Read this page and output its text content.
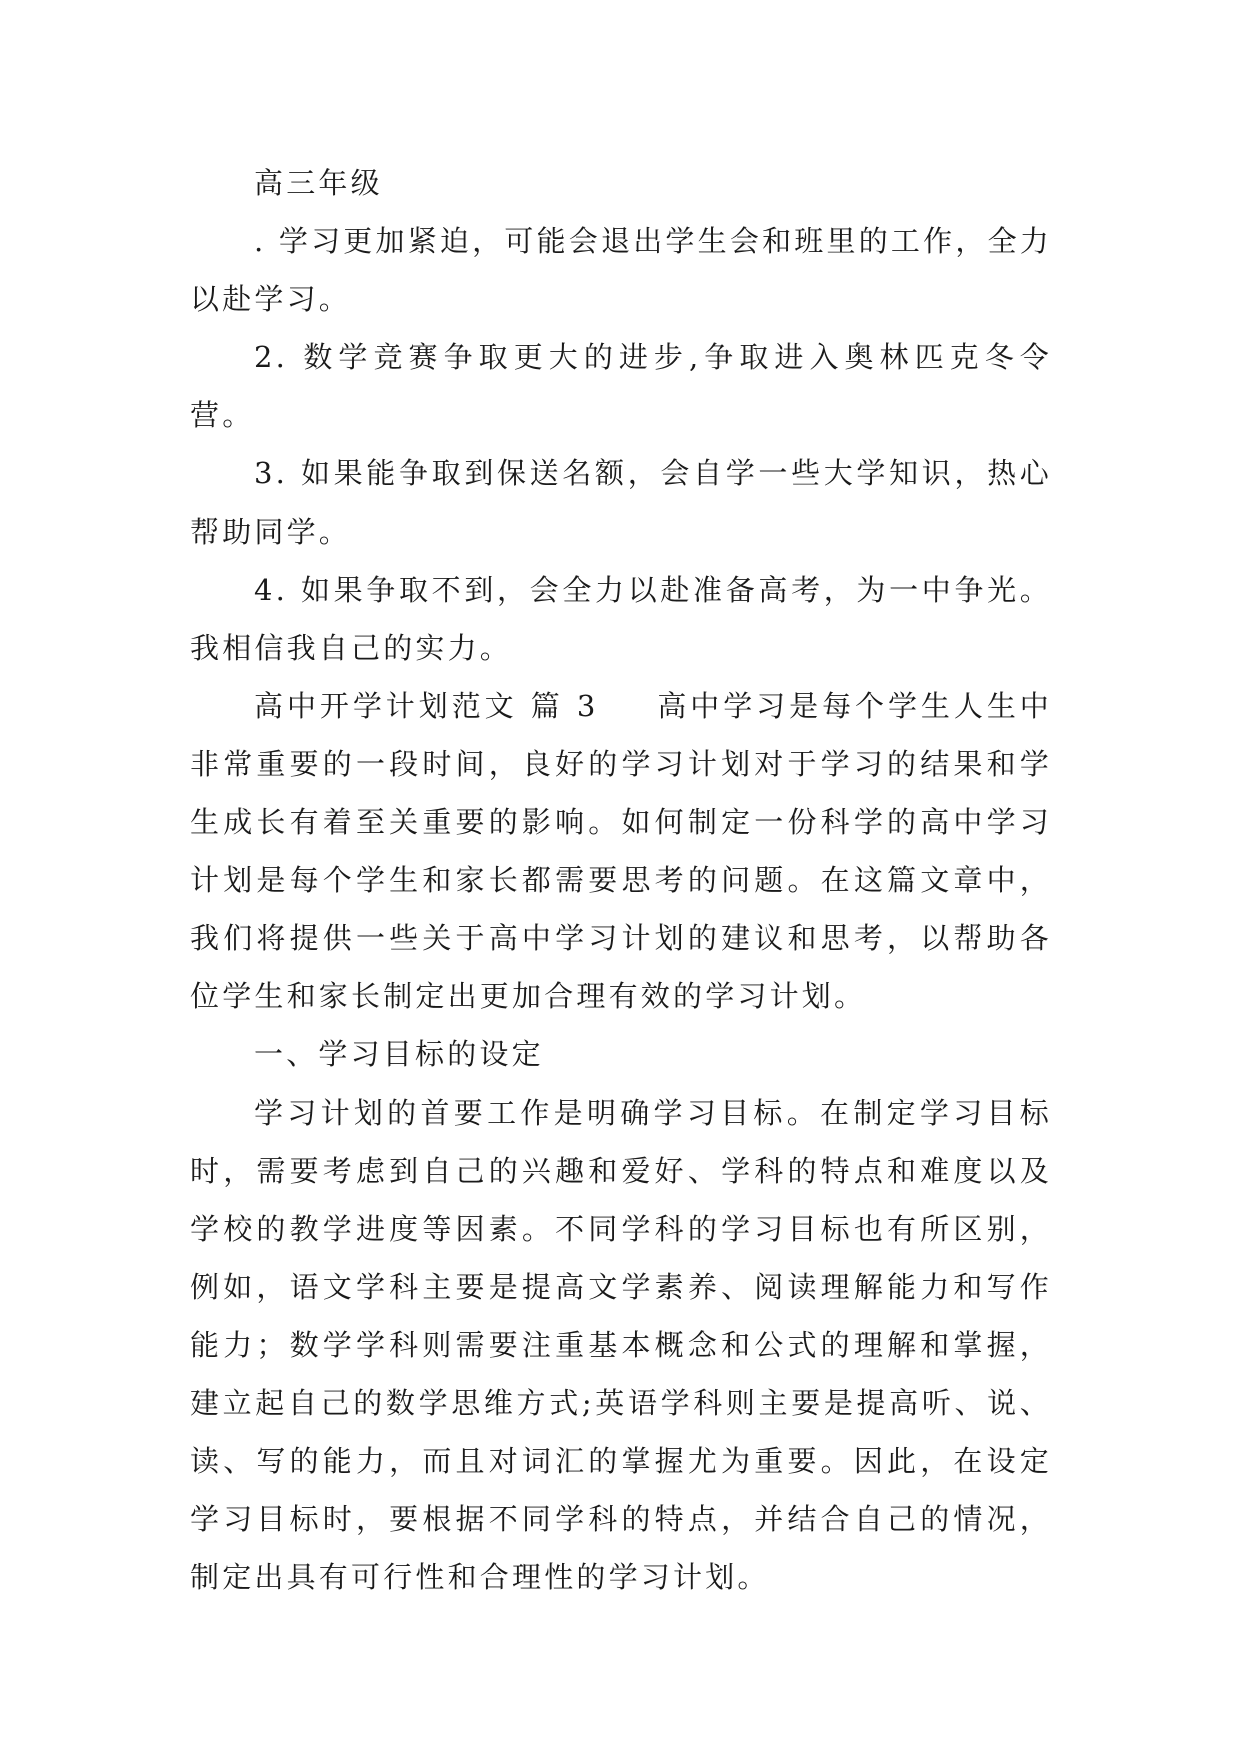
高三年级

. 学习更加紧迫，可能会退出学生会和班里的工作，全力以赴学习。

2. 数学竞赛争取更大的进步,争取进入奥林匹克冬令营。

3. 如果能争取到保送名额，会自学一些大学知识，热心帮助同学。

4. 如果争取不到，会全力以赴准备高考，为一中争光。我相信我自己的实力。

高中开学计划范文 篇 3 高中学习是每个学生人生中非常重要的一段时间，良好的学习计划对于学习的结果和学生成长有着至关重要的影响。如何制定一份科学的高中学习计划是每个学生和家长都需要思考的问题。在这篇文章中，我们将提供一些关于高中学习计划的建议和思考，以帮助各位学生和家长制定出更加合理有效的学习计划。

一、学习目标的设定

学习计划的首要工作是明确学习目标。在制定学习目标时，需要考虑到自己的兴趣和爱好、学科的特点和难度以及学校的教学进度等因素。不同学科的学习目标也有所区别，例如，语文学科主要是提高文学素养、阅读理解能力和写作能力；数学学科则需要注重基本概念和公式的理解和掌握，建立起自己的数学思维方式;英语学科则主要是提高听、说、读、写的能力，而且对词汇的掌握尤为重要。因此，在设定学习目标时，要根据不同学科的特点，并结合自己的情况，制定出具有可行性和合理性的学习计划。
